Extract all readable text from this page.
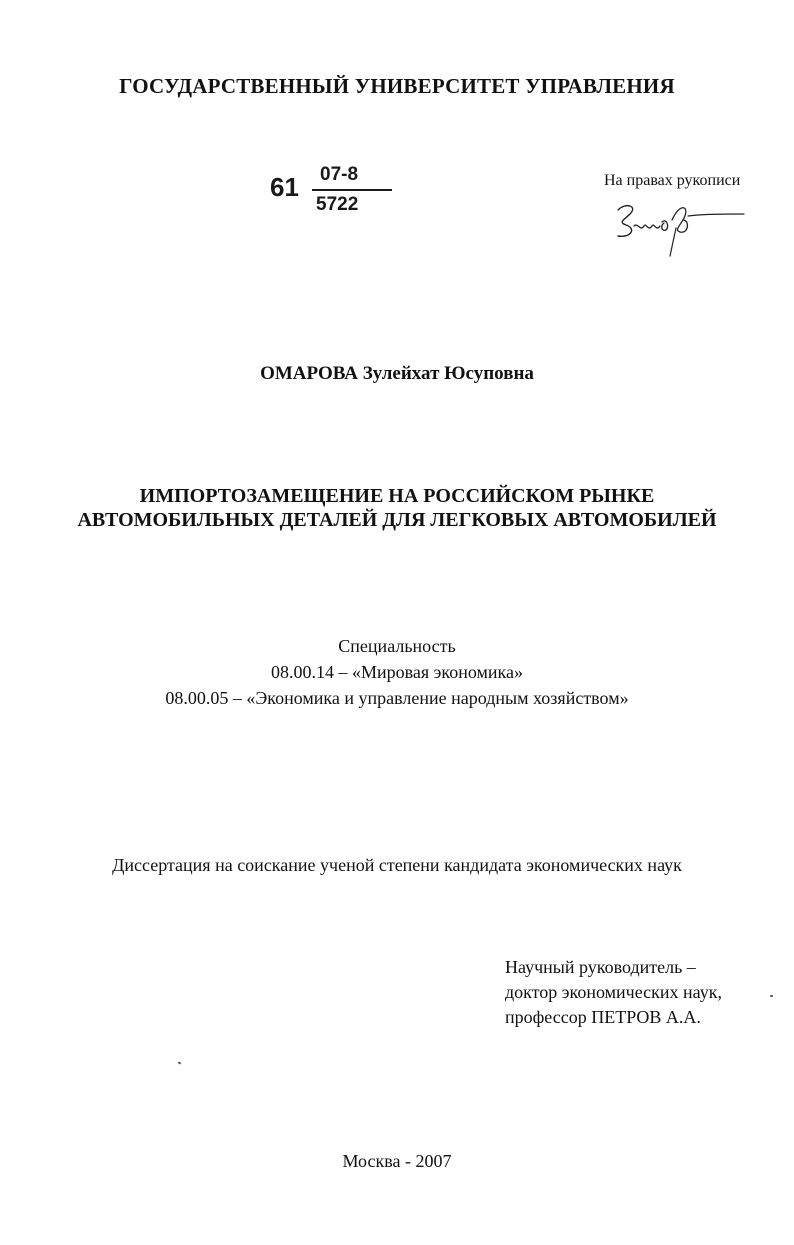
ГОСУДАРСТВЕННЫЙ УНИВЕРСИТЕТ УПРАВЛЕНИЯ
61 07-8
5722
На правах рукописи
ОМАРОВА Зулейхат Юсуповна
ИМПОРТОЗАМЕЩЕНИЕ НА РОССИЙСКОМ РЫНКЕ
АВТОМОБИЛЬНЫХ ДЕТАЛЕЙ ДЛЯ ЛЕГКОВЫХ АВТОМОБИЛЕЙ
Специальность
08.00.14 – «Мировая экономика»
08.00.05 – «Экономика и управление народным хозяйством»
Диссертация на соискание ученой степени кандидата экономических наук
Научный руководитель –
доктор экономических наук,
профессор ПЕТРОВ А.А.
Москва - 2007
